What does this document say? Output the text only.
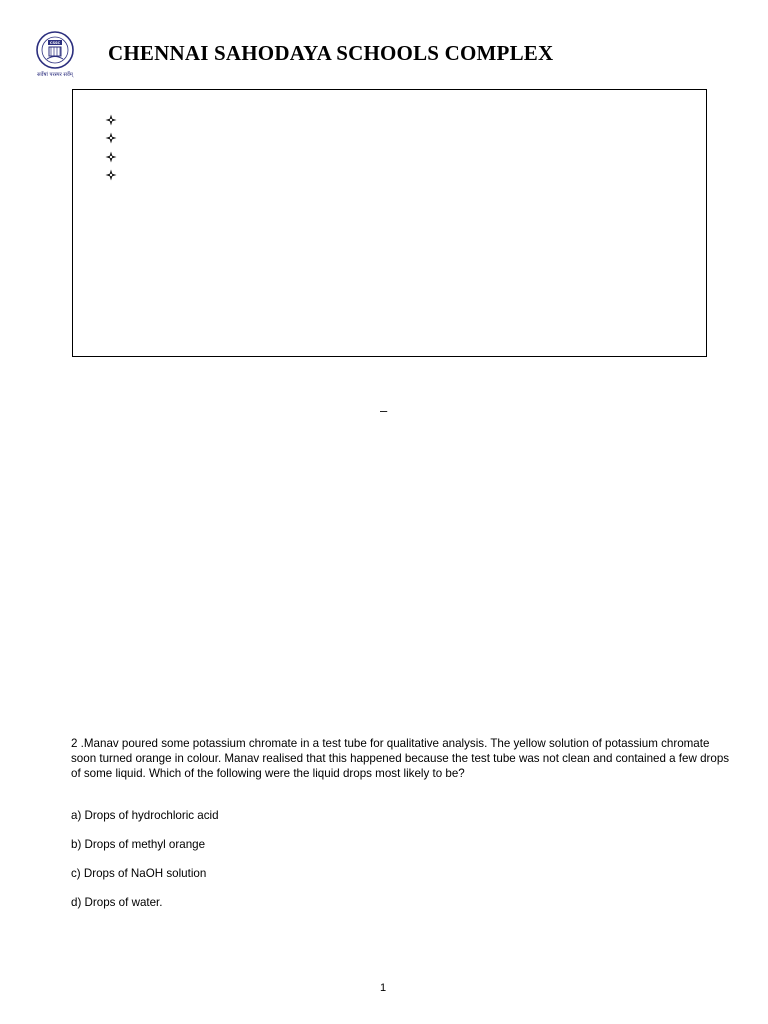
CSSC
सर्वेषां परस्पर सर्वेम्
CHENNAI SAHODAYA SCHOOLS COMPLEX
–

2 .Manav poured some potassium chromate in a test tube for qualitative analysis. The yellow solution of potassium chromate soon turned orange in colour. Manav realised that this happened because the test tube was not clean and contained a few drops of some liquid. Which of the following were the liquid drops most likely to be?

a) Drops of hydrochloric acid
b) Drops of methyl orange
c) Drops of NaOH solution
d) Drops of water.
1
